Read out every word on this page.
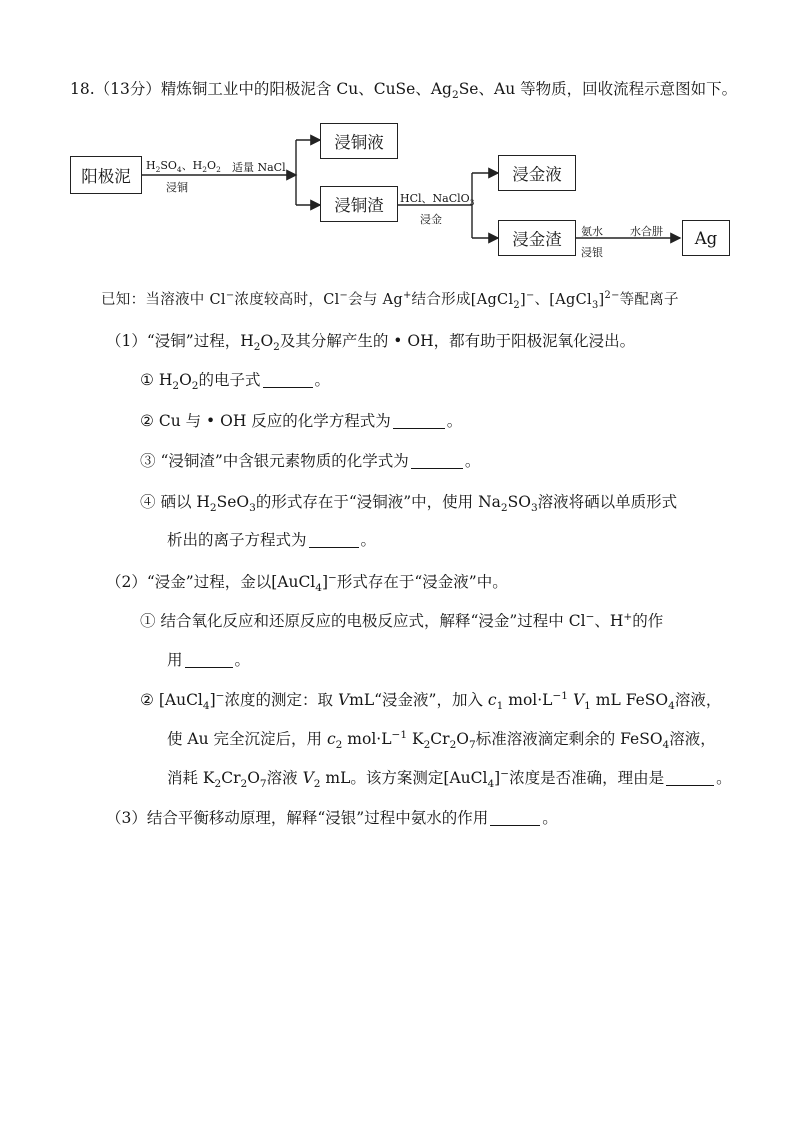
18.（13分）精炼铜工业中的阳极泥含 Cu、CuSe、$Ag_2Se$、Au 等物质，回收流程示意图如下。
阳极泥
浸铜液
浸铜渣
浸金液
浸金渣	Ag
$H_2SO_4$、$H_2O_2$
浸铜
适量 NaCl
HCl、NaClO$_3$
浸金
氨水
浸银
水合肼
已知：当溶液中 Cl−浓度较高时，Cl−会与 Ag+结合形成[AgCl$_2$]−、[AgCl$_3$]$^{2-}$等配离子
（1）“浸铜”过程，$H_2O_2$及其分解产生的 • OH，都有助于阳极泥氧化浸出。
① $H_2O_2$的电子式	。
② Cu 与 • OH 反应的化学方程式为	。
③ “浸铜渣”中含银元素物质的化学式为	。
④ 硒以 $H_2SeO_3$的形式存在于“浸铜液”中，使用 $Na_2SO_3$溶液将硒以单质形式
析出的离子方程式为	。
（2）“浸金”过程，金以[AuCl$_4$]−形式存在于“浸金液”中。
① 结合氧化反应和还原反应的电极反应式，解释“浸金”过程中 Cl−、H+的作
用	。
② [AuCl$_4$]−浓度的测定：取 VmL“浸金液”，加入 $c_1$ $mol\cdot L^{-1}$ $V_1$ mL FeSO$_4$溶液，
使 Au 完全沉淀后，用 $c_2$ $mol\cdot L^{-1}$ $K_2Cr_2O_7$标准溶液滴定剩余的 FeSO$_4$溶液，
消耗 $K_2Cr_2O_7$溶液 $V_2$ mL。该方案测定[AuCl$_4$]−浓度是否准确，理由是	。
（3）结合平衡移动原理，解释“浸银”过程中氨水的作用	。
